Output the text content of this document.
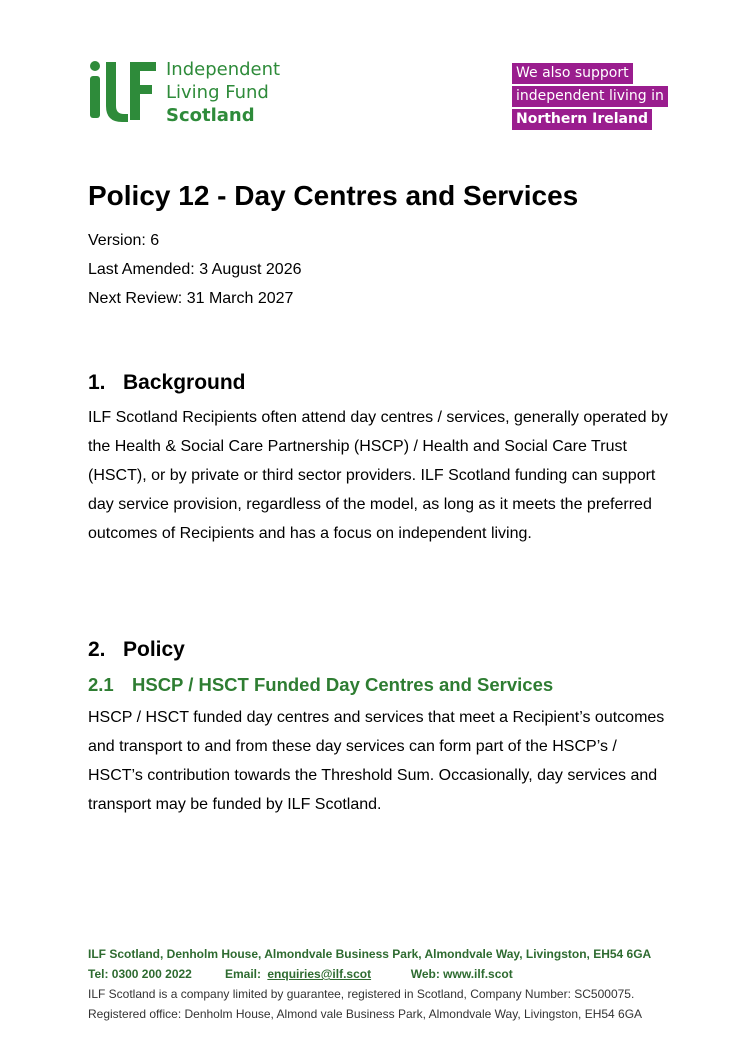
Independent
Living Fund
Scotland
We also support
independent living in
Northern Ireland
Policy 12 - Day Centres and Services
Version: 6
Last Amended: 3 August 2026
Next Review: 31 March 2027
1. Background

ILF Scotland Recipients often attend day centres / services, generally operated by the Health & Social Care Partnership (HSCP) / Health and Social Care Trust (HSCT), or by private or third sector providers. ILF Scotland funding can support day service provision, regardless of the model, as long as it meets the preferred outcomes of Recipients and has a focus on independent living.

2. Policy
2.1 HSCP / HSCT Funded Day Centres and Services

HSCP / HSCT funded day centres and services that meet a Recipient’s outcomes and transport to and from these day services can form part of the HSCP’s / HSCT’s contribution towards the Threshold Sum. Occasionally, day services and transport may be funded by ILF Scotland.

ILF Scotland, Denholm House, Almondvale Business Park, Almondvale Way, Livingston, EH54 6GA
Tel: 0300 200 2022	Email: enquiries@ilf.scot	Web: www.ilf.scot
ILF Scotland is a company limited by guarantee, registered in Scotland, Company Number: SC500075.
Registered office: Denholm House, Almond vale Business Park, Almondvale Way, Livingston, EH54 6GA
